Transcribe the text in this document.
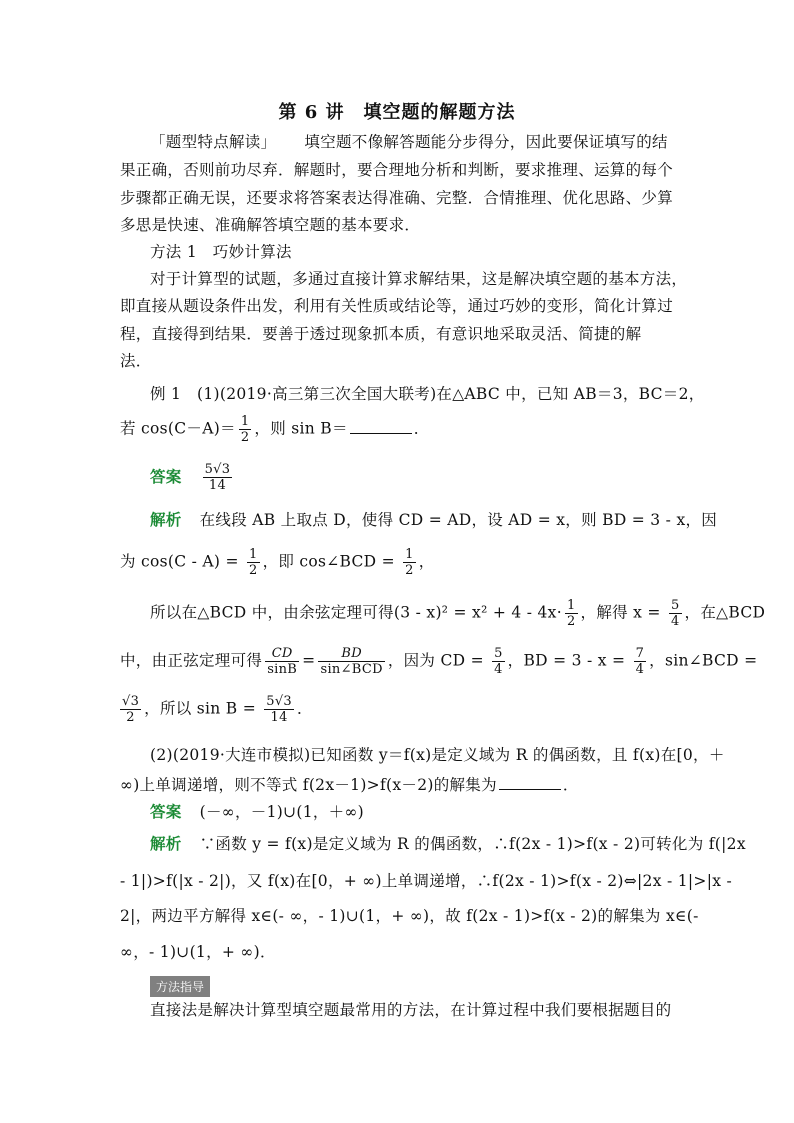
第 6 讲　填空题的解题方法
「题型特点解读」 填空题不像解答题能分步得分，因此要保证填写的结
果正确，否则前功尽弃．解题时，要合理地分析和判断，要求推理、运算的每个
步骤都正确无误，还要求将答案表达得准确、完整．合情推理、优化思路、少算
多思是快速、准确解答填空题的基本要求．
方法 1　巧妙计算法
对于计算型的试题，多通过直接计算求解结果，这是解决填空题的基本方法，
即直接从题设条件出发，利用有关性质或结论等，通过巧妙的变形，简化计算过
程，直接得到结果．要善于透过现象抓本质，有意识地采取灵活、简捷的解
法．
例 1　(1)(2019·高三第三次全国大联考)在△ABC 中，已知 AB＝3，BC＝2，
若 $\cos(C-A)= \frac{1}{2}$ ，则 sin B＝	．
答案 $\frac{5√3}{14}$
解析 在线段 AB 上取点 D，使得 CD = AD，设 AD = x，则 BD = 3 - x，因
为 $\cos(C - A) = \frac{1}{2}$ ，即 cos∠BCD = $\frac{1}{2}$ ，
所以在△BCD 中，由余弦定理可得$(3 - x)^2 = x^2 + 4 - 4x\cdot \frac{1}{2}$ ，解得 $x = \frac{5}{4}$ ，在△BCD
中，由正弦定理可得 $\frac{CD}{\sin B} = \frac{BD}{\text{sin∠BCD}}$ ，因为 CD = $\frac{5}{4}$ ，BD = $3 - x = \frac{7}{4}$ ，sin∠BCD =
$\frac{√3}{2}$ ，所以 $\sin B = \frac{5√3}{14}$ ．
(2)(2019·大连市模拟)已知函数 y＝f(x)是定义域为 R 的偶函数，且 f(x)在[0，＋
∞)上单调递增，则不等式 f(2x－1)>f(x－2)的解集为	．
答案 (－∞，－1)∪(1，＋∞)
解析 ∵函数 y = f(x)是定义域为 R 的偶函数，∴f(2x - 1)>f(x - 2)可转化为 f(|2x
- 1|)>f(|x - 2|)，又 f(x)在[0，+ ∞)上单调递增，∴f(2x - 1)>f(x - 2)⇔|2x - 1|>|x -
2|，两边平方解得 x∈(- ∞，- 1)∪(1，+ ∞)，故 f(2x - 1)>f(x - 2)的解集为 x∈(-
∞，- 1)∪(1，+ ∞)．
方法指导
直接法是解决计算型填空题最常用的方法，在计算过程中我们要根据题目的
